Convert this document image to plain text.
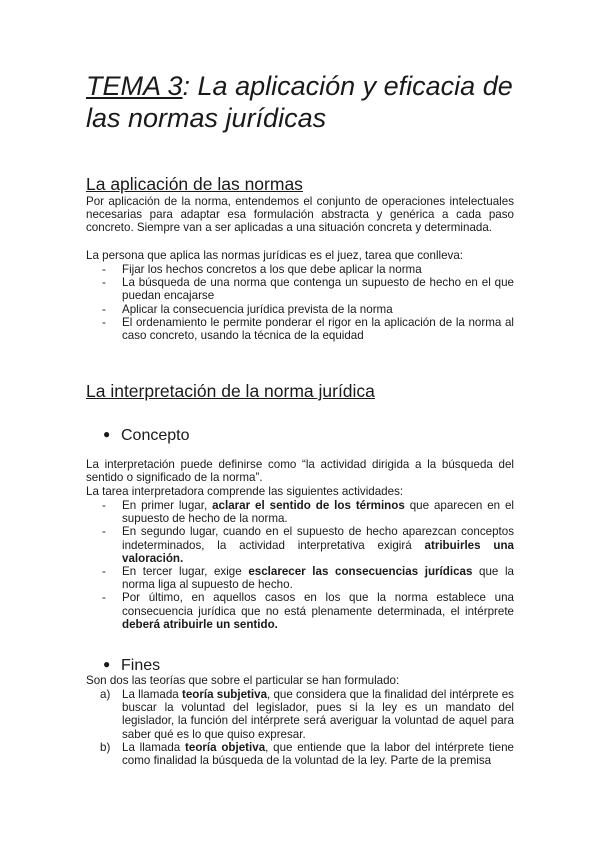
TEMA 3: La aplicación y eficacia de las normas jurídicas
La aplicación de las normas

Por aplicación de la norma, entendemos el conjunto de operaciones intelectuales necesarias para adaptar esa formulación abstracta y genérica a cada paso concreto. Siempre van a ser aplicadas a una situación concreta y determinada.

La persona que aplica las normas jurídicas es el juez, tarea que conlleva:

- Fijar los hechos concretos a los que debe aplicar la norma
- La búsqueda de una norma que contenga un supuesto de hecho en el que puedan encajarse
- Aplicar la consecuencia jurídica prevista de la norma
- El ordenamiento le permite ponderar el rigor en la aplicación de la norma al caso concreto, usando la técnica de la equidad
La interpretación de la norma jurídica
● Concepto

La interpretación puede definirse como “la actividad dirigida a la búsqueda del sentido o significado de la norma”.

La tarea interpretadora comprende las siguientes actividades:

- En primer lugar, aclarar el sentido de los términos que aparecen en el supuesto de hecho de la norma.
- En segundo lugar, cuando en el supuesto de hecho aparezcan conceptos indeterminados, la actividad interpretativa exigirá atribuirles una valoración.
- En tercer lugar, exige esclarecer las consecuencias jurídicas que la norma liga al supuesto de hecho.
- Por último, en aquellos casos en los que la norma establece una consecuencia jurídica que no está plenamente determinada, el intérprete deberá atribuirle un sentido.
● Fines

Son dos las teorías que sobre el particular se han formulado:

a) La llamada teoría subjetiva, que considera que la finalidad del intérprete es buscar la voluntad del legislador, pues si la ley es un mandato del legislador, la función del intérprete será averiguar la voluntad de aquel para saber qué es lo que quiso expresar.
b) La llamada teoría objetiva, que entiende que la labor del intérprete tiene como finalidad la búsqueda de la voluntad de la ley. Parte de la premisa
